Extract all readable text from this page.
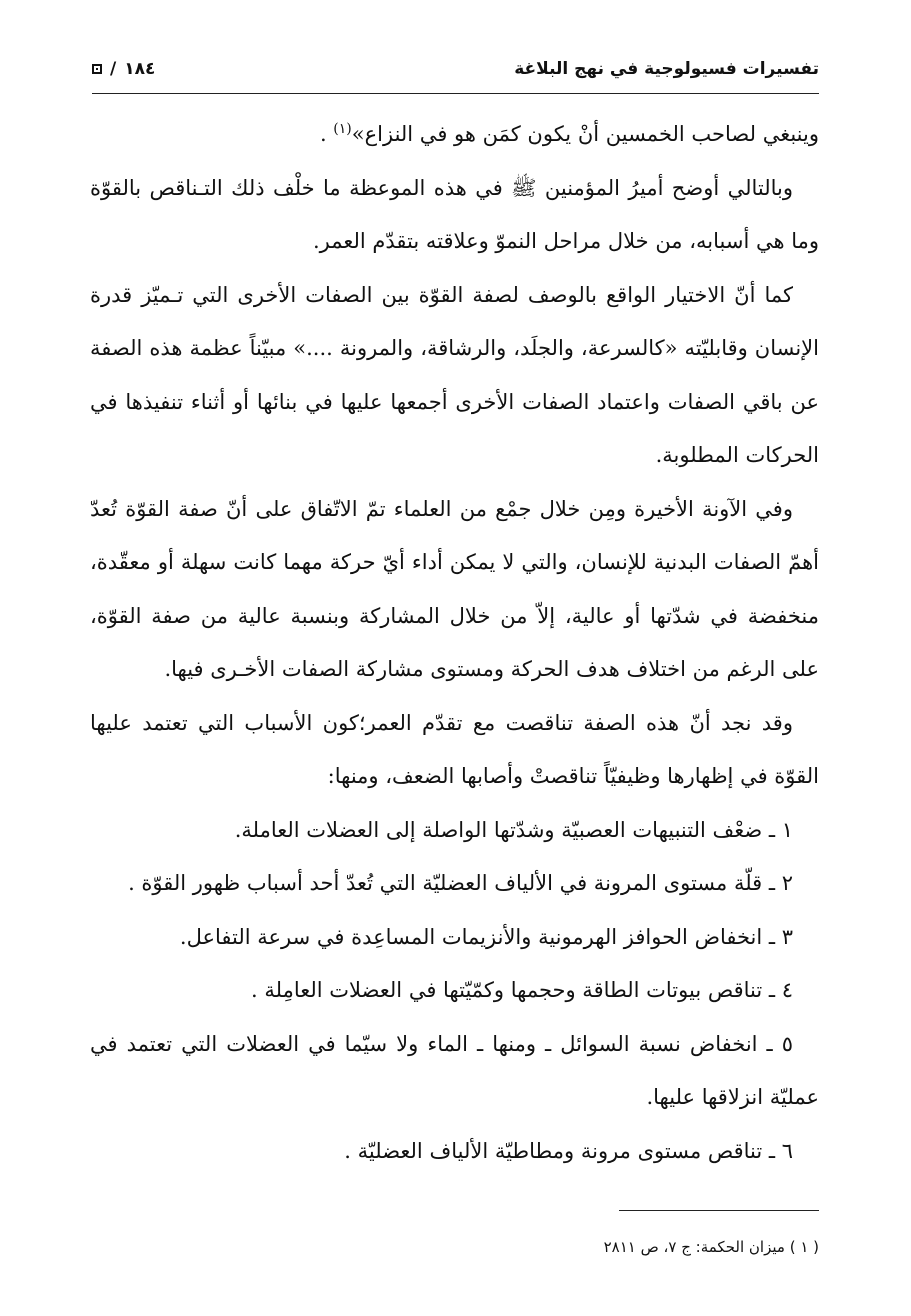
تفسيرات فسيولوجية في نهج البلاغة
١٨٤
/

وينبغي لصاحب الخمسين أنْ يكون كمَن هو في النزاع»$^{(١)}$ .

وبالتالي أوضح أميرُ المؤمنين ﷺ في هذه الموعظة ما خلْف ذلك التـناقص بالقوّة وما هي أسبابه، من خلال مراحل النموّ وعلاقته بتقدّم العمر.

كما أنّ الاختيار الواقع بالوصف لصفة القوّة بين الصفات الأخرى التي تـميّز قدرة الإنسان وقابليّته «كالسرعة، والجلَد، والرشاقة، والمرونة ....» مبيّناً عظمة هذه الصفة عن باقي الصفات واعتماد الصفات الأخرى أجمعها عليها في بنائها أو أثناء تنفيذها في الحركات المطلوبة.

وفي الآونة الأخيرة ومِن خلال جمْع من العلماء تمّ الاتّفاق على أنّ صفة القوّة تُعدّ أهمّ الصفات البدنية للإنسان، والتي لا يمكن أداء أيّ حركة مهما كانت سهلة أو معقّدة، منخفضة في شدّتها أو عالية، إلاّ من خلال المشاركة وبنسبة عالية من صفة القوّة، على الرغم من اختلاف هدف الحركة ومستوى مشاركة الصفات الأخـرى فيها.

وقد نجد أنّ هذه الصفة تناقصت مع تقدّم العمر؛كون الأسباب التي تعتمد عليها القوّة في إظهارها وظيفيّاً تناقصتْ وأصابها الضعف، ومنها:

١ ـ ضعْف التنبيهات العصبيّة وشدّتها الواصلة إلى العضلات العاملة.

٢ ـ قلّة مستوى المرونة في الألياف العضليّة التي تُعدّ أحد أسباب ظهور القوّة .

٣ ـ انخفاض الحوافز الهرمونية والأنزيمات المساعِدة في سرعة التفاعل.

٤ ـ تناقص بيوتات الطاقة وحجمها وكمّيّتها في العضلات العامِلة .

٥ ـ انخفاض نسبة السوائل ـ ومنها ـ الماء ولا سيّما في العضلات التي تعتمد في عمليّة انزلاقها عليها.

٦ ـ تناقص مستوى مرونة ومطاطيّة الألياف العضليّة .

( ١ ) ميزان الحكمة: ج ٧، ص ٢٨١١
